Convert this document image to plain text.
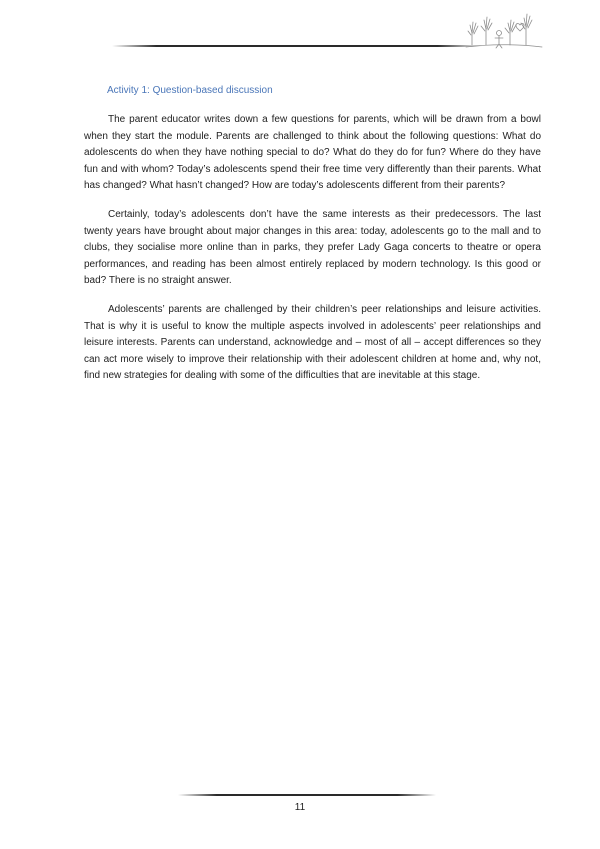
Activity 1: Question-based discussion

The parent educator writes down a few questions for parents, which will be drawn from a bowl when they start the module. Parents are challenged to think about the following questions: What do adolescents do when they have nothing special to do? What do they do for fun? Where do they have fun and with whom? Today’s adolescents spend their free time very differently than their parents. What has changed? What hasn’t changed? How are today’s adolescents different from their parents?

Certainly, today’s adolescents don’t have the same interests as their predecessors. The last twenty years have brought about major changes in this area: today, adolescents go to the mall and to clubs, they socialise more online than in parks, they prefer Lady Gaga concerts to theatre or opera performances, and reading has been almost entirely replaced by modern technology. Is this good or bad? There is no straight answer.

Adolescents’ parents are challenged by their children’s peer relationships and leisure activities. That is why it is useful to know the multiple aspects involved in adolescents’ peer relationships and leisure interests. Parents can understand, acknowledge and – most of all – accept differences so they can act more wisely to improve their relationship with their adolescent children at home and, why not, find new strategies for dealing with some of the difficulties that are inevitable at this stage.

11
